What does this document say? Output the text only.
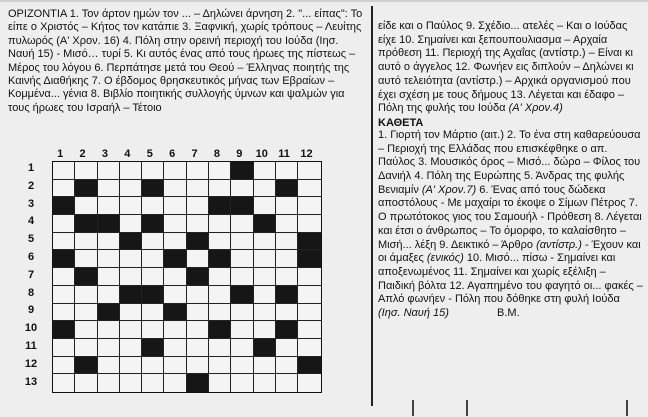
ΟΡΙΖΟΝΤΙΑ 1. Τον άρτον ημών τον ... – Δηλώνει άρνηση 2. "... είπας": Το είπε ο Χριστός – Κήτος τον κατάπιε 3. Ξαφνική, χωρίς τρόπους – Λευίτης πυλωρός (Α' Χρον. 16) 4. Πόλη στην ορεινή περιοχή του Ιούδα (Ιησ. Ναυή 15) - Μισό… τυρί 5. Κι αυτός ένας από τους ήρωες της πίστεως – Μέρος του λόγου 6. Περπάτησε μετά του Θεού – Έλληνας ποιητής της Καινής Διαθήκης 7. Ο έβδομος θρησκευτικός μήνας των Εβραίων – Κομμένα... γένια 8. Βιβλίο ποιητικής συλλογής ύμνων και ψαλμών για τους ήρωες του Ισραήλ – Τέτοιο
1	2	3	4	5	6	7	8	9	10 11 12
1
2
3
4
5
6
7
8
9
10
11
12
13
είδε και ο Παύλος 9. Σχέδιο... ατελές – Και ο Ιούδας είχε 10. Σημαίνει και ξεπουπουλιασμα – Αρχαία πρόθεση 11. Περιοχή της Αχαΐας (αντίστρ.) – Είναι κι αυτό ο άγγελος 12. Φωνήεν εις διπλούν – Δηλώνει κι αυτό τελειότητα (αντίστρ.) – Αρχικά οργανισμού που έχει σχέση με τους δήμους 13. Λέγεται και έδαφο – Πόλη της φυλής του Ιούδα (Α' Χρον.4)
ΚΑΘΕΤΑ
1. Γιορτή τον Μάρτιο (αιτ.) 2. Το ένα στη καθαρεύουσα – Περιοχή της Ελλάδας που επισκέφθηκε ο απ. Παύλος 3. Μουσικός όρος – Μισό... δώρο – Φίλος του Δανιήλ 4. Πόλη της Ευρώπης 5. Άνδρας της φυλής Βενιαμίν (Α' Χρον.7) 6. Ένας από τους δώδεκα αποστόλους - Με μαχαίρι το έκοψε ο Σίμων Πέτρος 7. Ο πρωτότοκος γιος του Σαμουήλ - Πρόθεση 8. Λέγεται και έτσι ο άνθρωπος – Το όμορφο, το καλαίσθητο – Μισή... λέξη 9. Δεικτικό – Άρθρο (αντίστρ.) - Έχουν και οι άμαξες (ενικός) 10. Μισό... πίσω - Σημαίνει και αποξενωμένος 11. Σημαίνει και χωρίς εξέλιξη – Παιδική βόλτα 12. Αγαπημένο του φαγητό οι... φακές – Απλό φωνήεν - Πόλη που δόθηκε στη φυλή Ιούδα (Ιησ. Ναυή 15)	Β.Μ.
